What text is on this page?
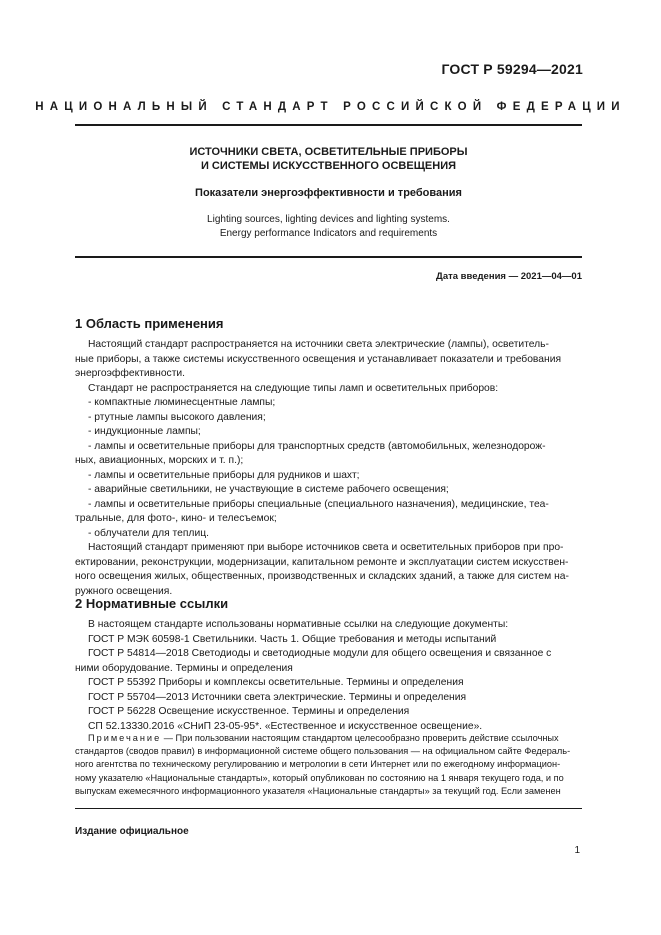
ГОСТ Р 59294—2021
НАЦИОНАЛЬНЫЙ СТАНДАРТ РОССИЙСКОЙ ФЕДЕРАЦИИ
ИСТОЧНИКИ СВЕТА, ОСВЕТИТЕЛЬНЫЕ ПРИБОРЫ
И СИСТЕМЫ ИСКУССТВЕННОГО ОСВЕЩЕНИЯ
Показатели энергоэффективности и требования
Lighting sources, lighting devices and lighting systems.
Energy performance Indicators and requirements
Дата введения — 2021—04—01
1 Область применения
Настоящий стандарт распространяется на источники света электрические (лампы), осветитель-
ные приборы, а также системы искусственного освещения и устанавливает показатели и требования
энергоэффективности.
Стандарт не распространяется на следующие типы ламп и осветительных приборов:
- компактные люминесцентные лампы;
- ртутные лампы высокого давления;
- индукционные лампы;
- лампы и осветительные приборы для транспортных средств (автомобильных, железнодорож-
ных, авиационных, морских и т. п.);
- лампы и осветительные приборы для рудников и шахт;
- аварийные светильники, не участвующие в системе рабочего освещения;
- лампы и осветительные приборы специальные (специального назначения), медицинские, теа-
тральные, для фото-, кино- и телесъемок;
- облучатели для теплиц.
Настоящий стандарт применяют при выборе источников света и осветительных приборов при про-
ектировании, реконструкции, модернизации, капитальном ремонте и эксплуатации систем искусствен-
ного освещения жилых, общественных, производственных и складских зданий, а также для систем на-
ружного освещения.
2 Нормативные ссылки
В настоящем стандарте использованы нормативные ссылки на следующие документы:
ГОСТ Р МЭК 60598-1 Светильники. Часть 1. Общие требования и методы испытаний
ГОСТ Р 54814—2018 Светодиоды и светодиодные модули для общего освещения и связанное с
ними оборудование. Термины и определения
ГОСТ Р 55392 Приборы и комплексы осветительные. Термины и определения
ГОСТ Р 55704—2013 Источники света электрические. Термины и определения
ГОСТ Р 56228 Освещение искусственное. Термины и определения
СП 52.13330.2016 «СНиП 23-05-95*. «Естественное и искусственное освещение».
Примечание — При пользовании настоящим стандартом целесообразно проверить действие ссылочных
стандартов (сводов правил) в информационной системе общего пользования — на официальном сайте Федераль-
ного агентства по техническому регулированию и метрологии в сети Интернет или по ежегодному информацион-
ному указателю «Национальные стандарты», который опубликован по состоянию на 1 января текущего года, и по
выпускам ежемесячного информационного указателя «Национальные стандарты» за текущий год. Если заменен
Издание официальное
1
